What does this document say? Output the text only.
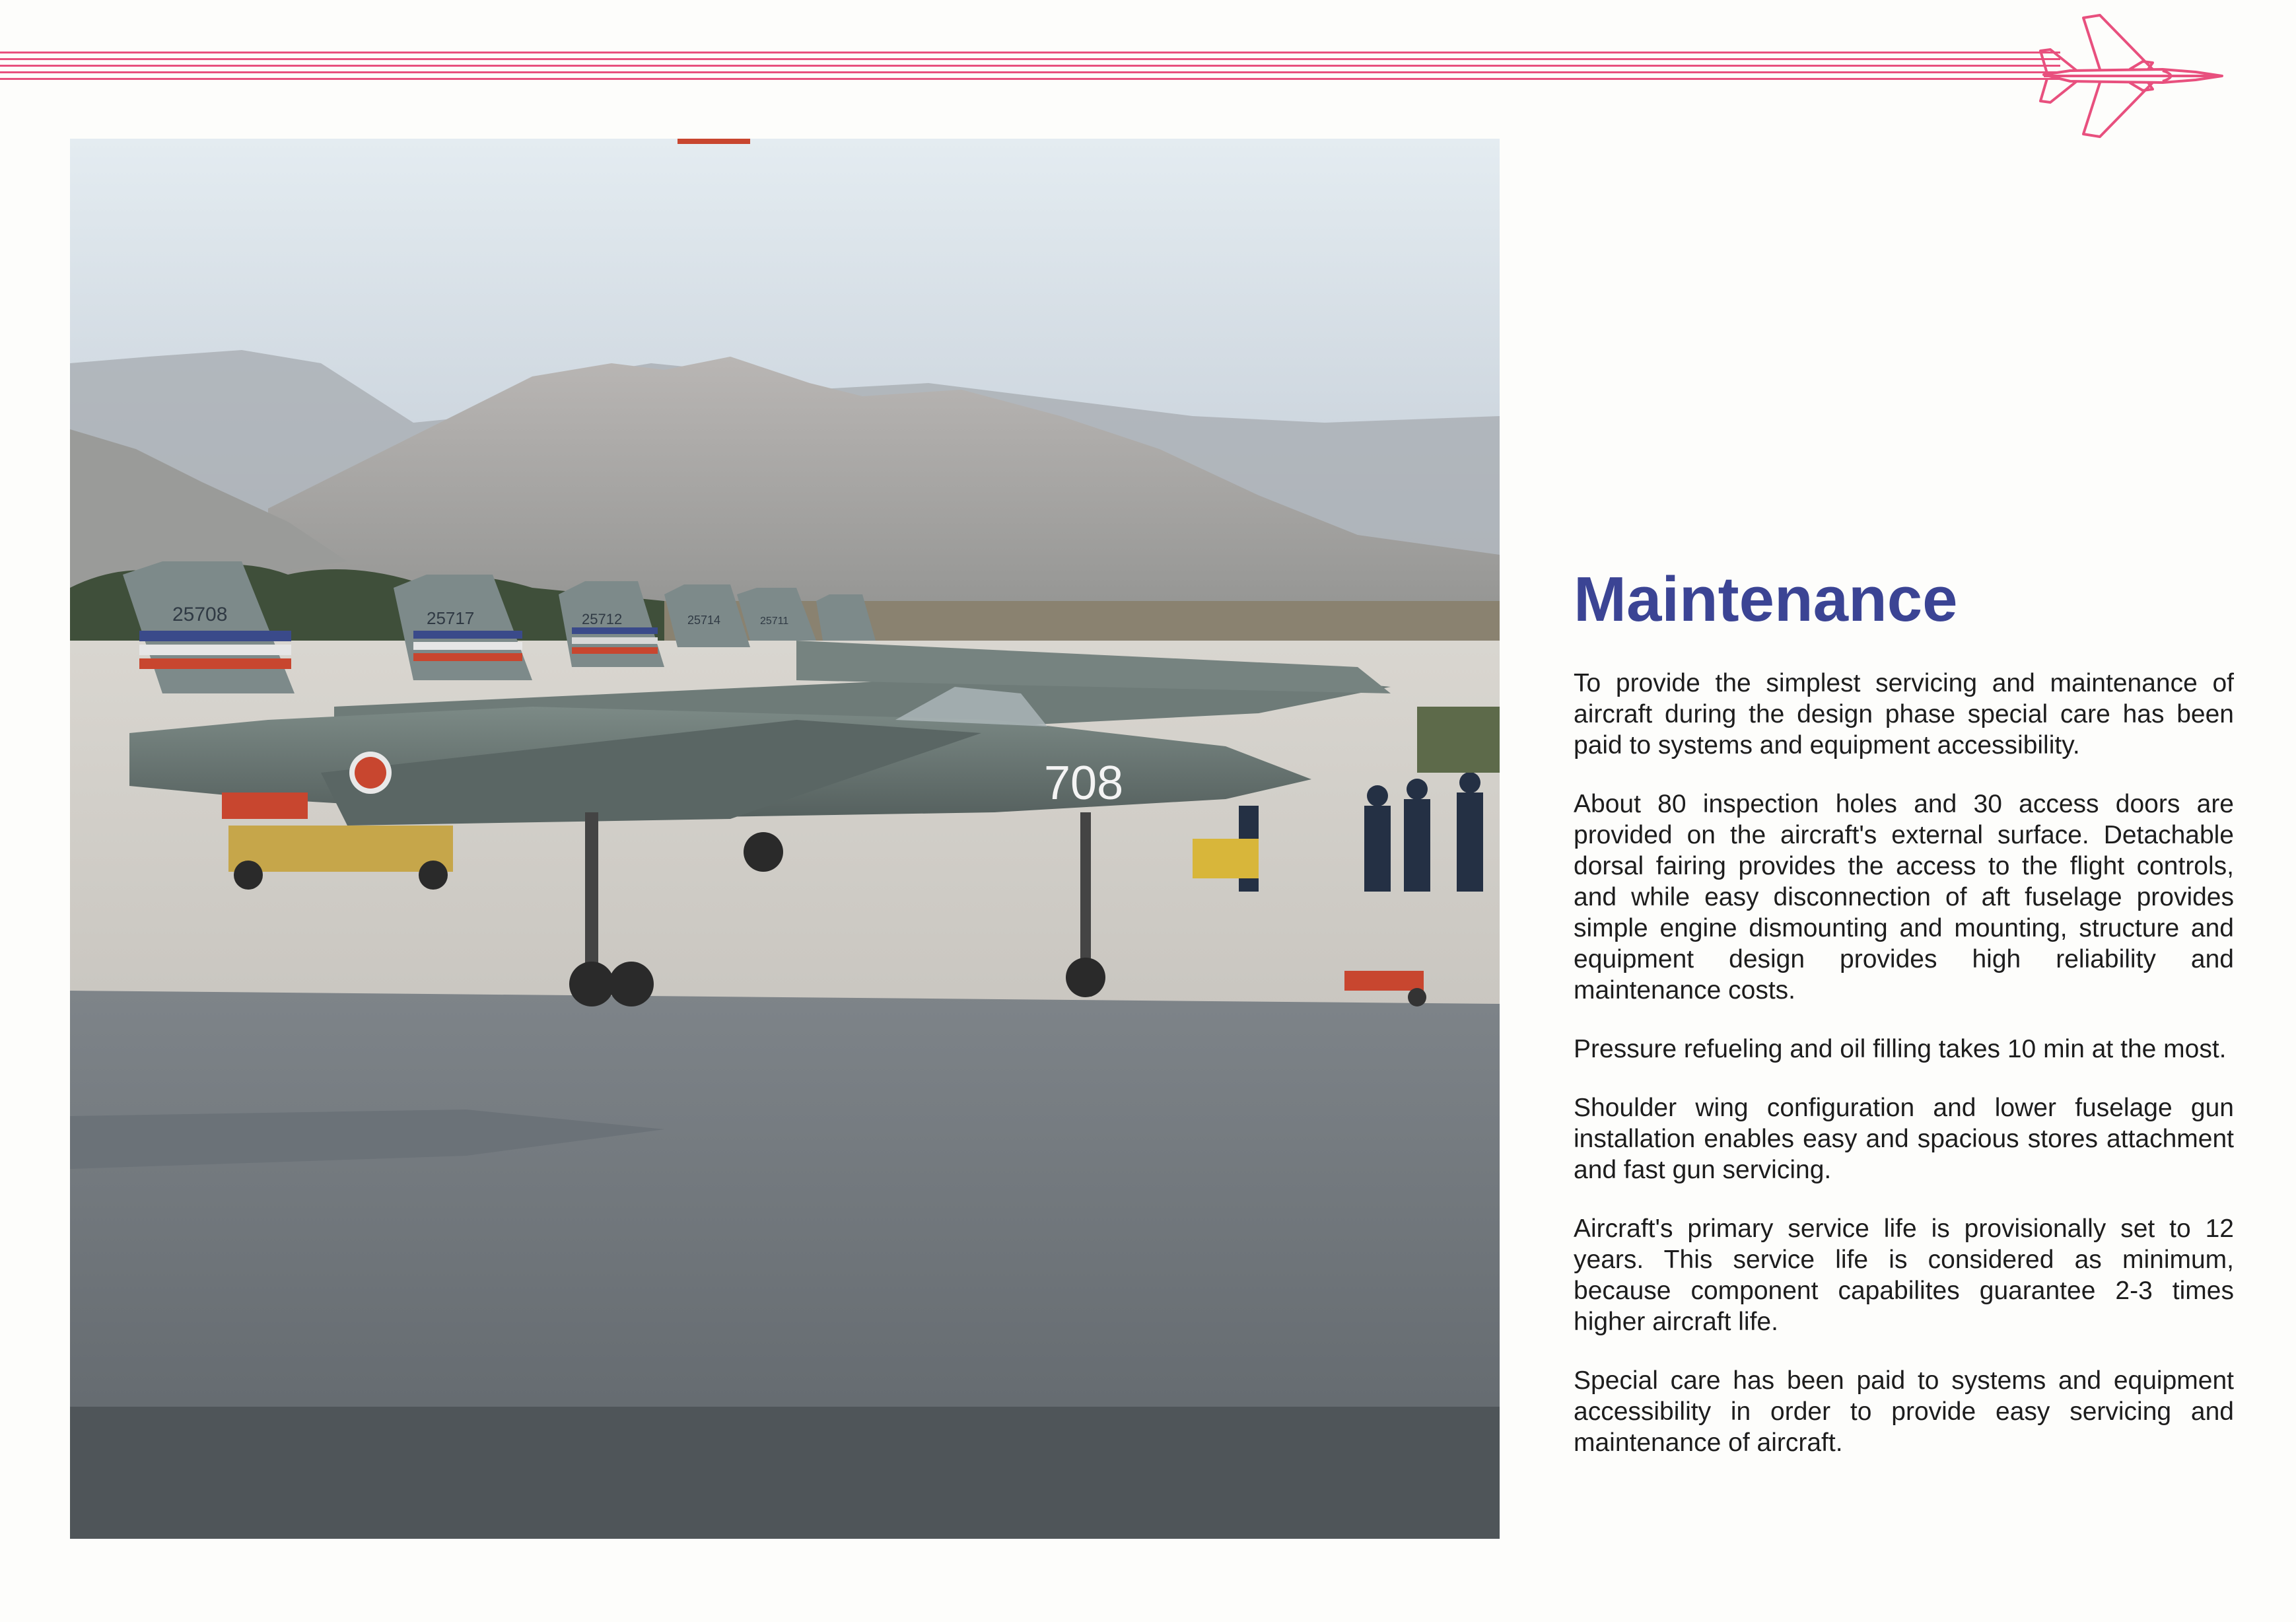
25708	25717	25712	25714	25711
708
Maintenance

To provide the simplest servicing and maintenance of aircraft during the design phase special care has been paid to systems and equipment accessibility.

About 80 inspection holes and 30 access doors are provided on the aircraft's external surface. Detachable dorsal fairing provides the access to the flight controls, and while easy disconnection of aft fuselage provides simple engine dismounting and mounting, structure and equipment design provides high reliability and maintenance costs.

Pressure refueling and oil filling takes 10 min at the most.

Shoulder wing configuration and lower fuselage gun installation enables easy and spacious stores attachment and fast gun servicing.

Aircraft's primary service life is provisionally set to 12 years. This service life is considered as minimum, because component capabilites guarantee 2-3 times higher aircraft life.

Special care has been paid to systems and equipment accessibility in order to provide easy servicing and maintenance of aircraft.
